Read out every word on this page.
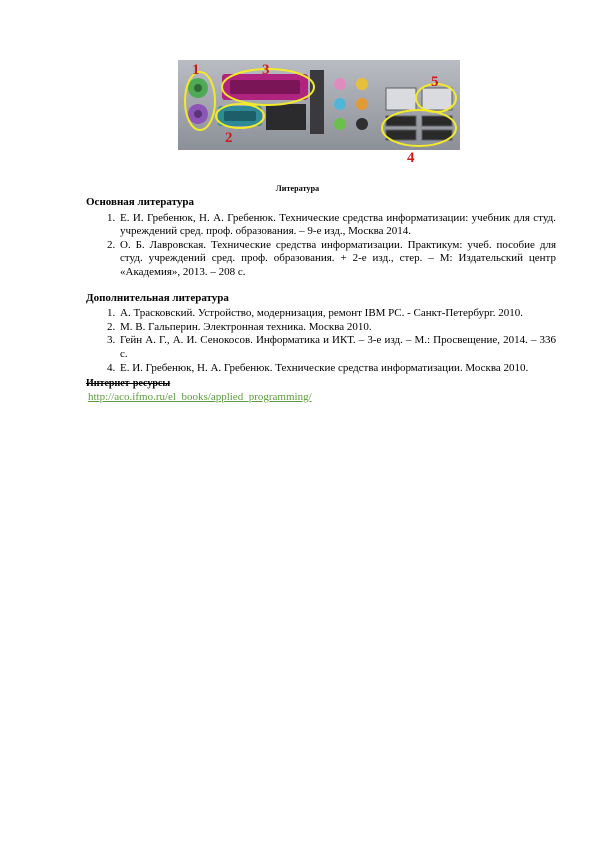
1
2
3
4
5
Литература

Основная литература

1. Е. И. Гребенюк, Н. А. Гребенюк. Технические средства информатизации: учебник для студ. учреждений сред. проф. образования. – 9-е изд., Москва 2014.
2. О. Б. Лавровская. Технические средства информатизации. Практикум: учеб. пособие для студ. учреждений сред. проф. образования. + 2-е изд., стер. – М: Издательский центр «Академия», 2013. – 208 с.

Дополнительная литература

1. А. Трасковский. Устройство, модернизация, ремонт IBM PC. - Санкт-Петербург. 2010.
2. М. В. Гальперин. Электронная техника. Москва 2010.
3. Гейн А. Г., А. И. Сенокосов. Информатика и ИКТ. – 3-е изд. – М.: Просвещение, 2014. – 336 с.
4. Е. И. Гребенюк, Н. А. Гребенюк. Технические средства информатизации. Москва 2010.
Интернет-ресурсы
http://aco.ifmo.ru/el_books/applied_programming/
